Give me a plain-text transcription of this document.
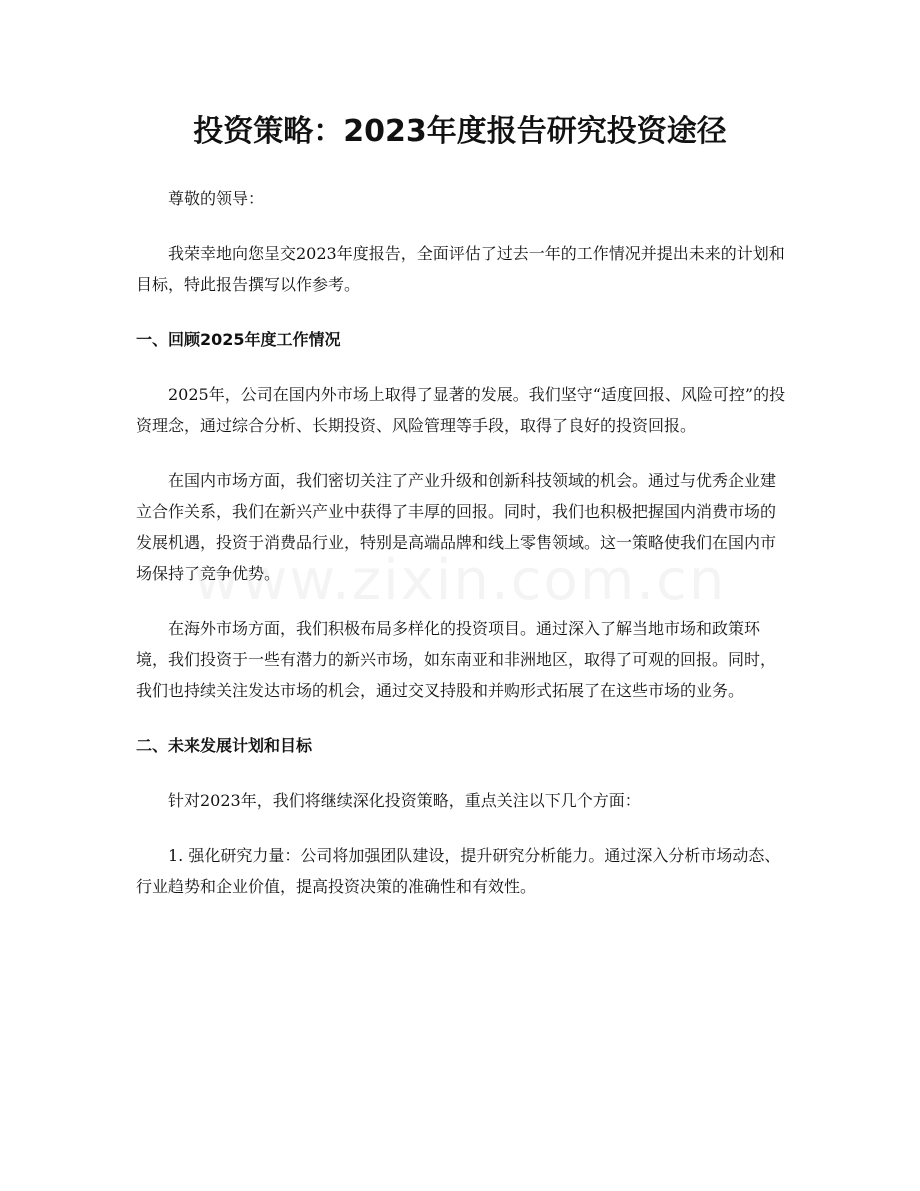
投资策略：2023年度报告研究投资途径

尊敬的领导：

我荣幸地向您呈交2023年度报告，全面评估了过去一年的工作情况并提出未来的计划和目标，特此报告撰写以作参考。

一、回顾2025年度工作情况

2025年，公司在国内外市场上取得了显著的发展。我们坚守“适度回报、风险可控”的投资理念，通过综合分析、长期投资、风险管理等手段，取得了良好的投资回报。

在国内市场方面，我们密切关注了产业升级和创新科技领域的机会。通过与优秀企业建立合作关系，我们在新兴产业中获得了丰厚的回报。同时，我们也积极把握国内消费市场的发展机遇，投资于消费品行业，特别是高端品牌和线上零售领域。这一策略使我们在国内市场保持了竞争优势。

在海外市场方面，我们积极布局多样化的投资项目。通过深入了解当地市场和政策环境，我们投资于一些有潜力的新兴市场，如东南亚和非洲地区，取得了可观的回报。同时，我们也持续关注发达市场的机会，通过交叉持股和并购形式拓展了在这些市场的业务。

二、未来发展计划和目标

针对2023年，我们将继续深化投资策略，重点关注以下几个方面：

1. 强化研究力量：公司将加强团队建设，提升研究分析能力。通过深入分析市场动态、行业趋势和企业价值，提高投资决策的准确性和有效性。
